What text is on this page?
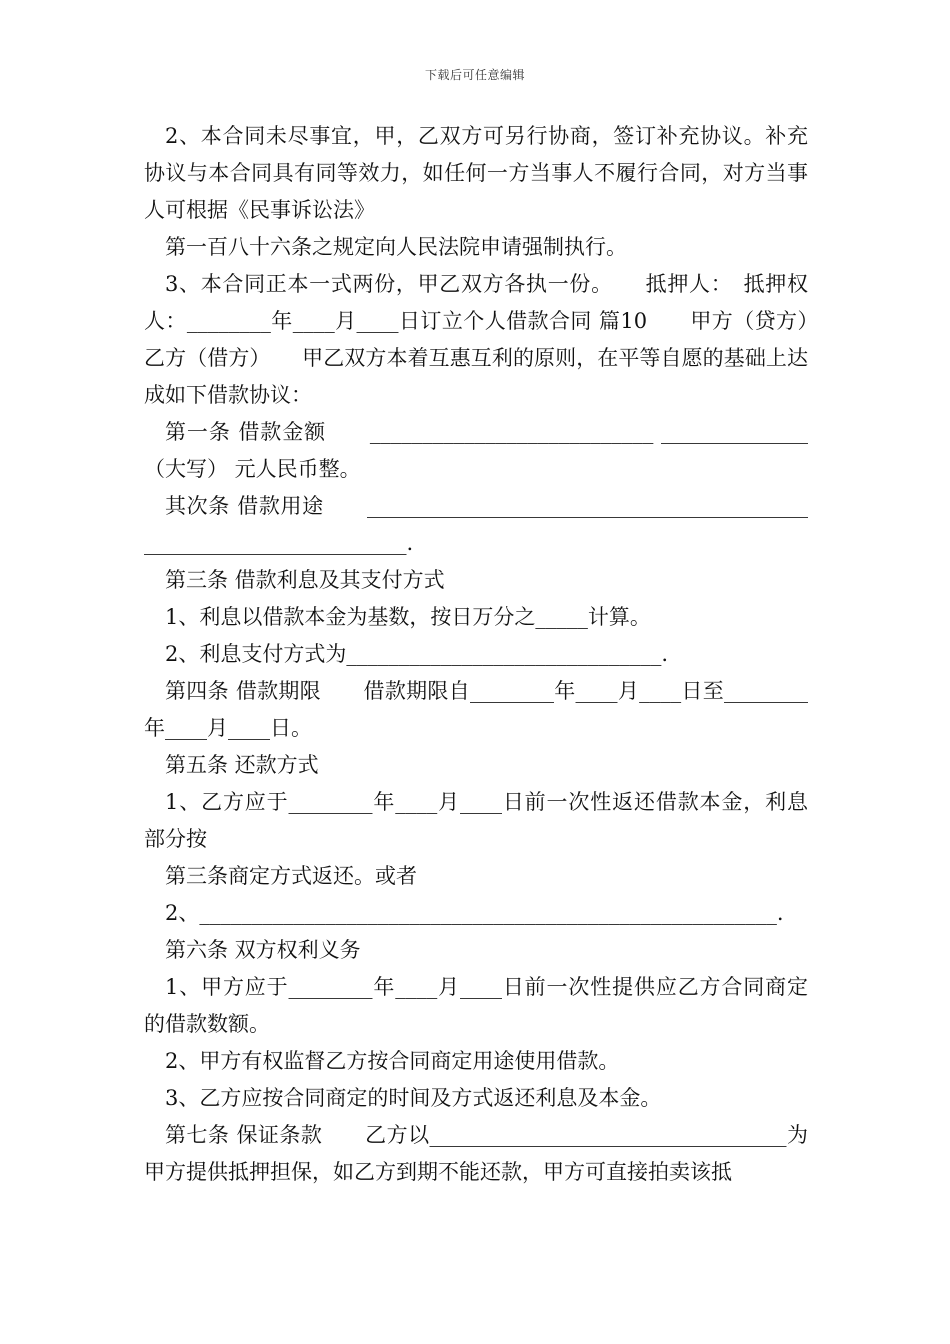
下载后可任意编辑

2、本合同未尽事宜，甲，乙双方可另行协商，签订补充协议。补充协议与本合同具有同等效力，如任何一方当事人不履行合同，对方当事人可根据《民事诉讼法》

第一百八十六条之规定向人民法院申请强制执行。

3、本合同正本一式两份，甲乙双方各执一份。　　抵押人：　抵押权人：________年____月____日订立个人借款合同 篇10　　甲方（贷方）　　乙方（借方）　　甲乙双方本着互惠互利的原则，在平等自愿的基础上达成如下借款协议：

第一条 借款金额　　___________________________ ______________（大写） 元人民币整。

其次条 借款用途　　___________________________________________________________________.

第三条 借款利息及其支付方式

1、利息以借款本金为基数，按日万分之_____计算。

2、利息支付方式为______________________________.

第四条 借款期限　　借款期限自________年____月____日至________年____月____日。

第五条 还款方式

1、乙方应于________年____月____日前一次性返还借款本金，利息部分按

第三条商定方式返还。或者

2、_______________________________________________________.

第六条 双方权利义务

1、甲方应于________年____月____日前一次性提供应乙方合同商定的借款数额。

2、甲方有权监督乙方按合同商定用途使用借款。

3、乙方应按合同商定的时间及方式返还利息及本金。

第七条 保证条款　　乙方以__________________________________为甲方提供抵押担保，如乙方到期不能还款，甲方可直接拍卖该抵
